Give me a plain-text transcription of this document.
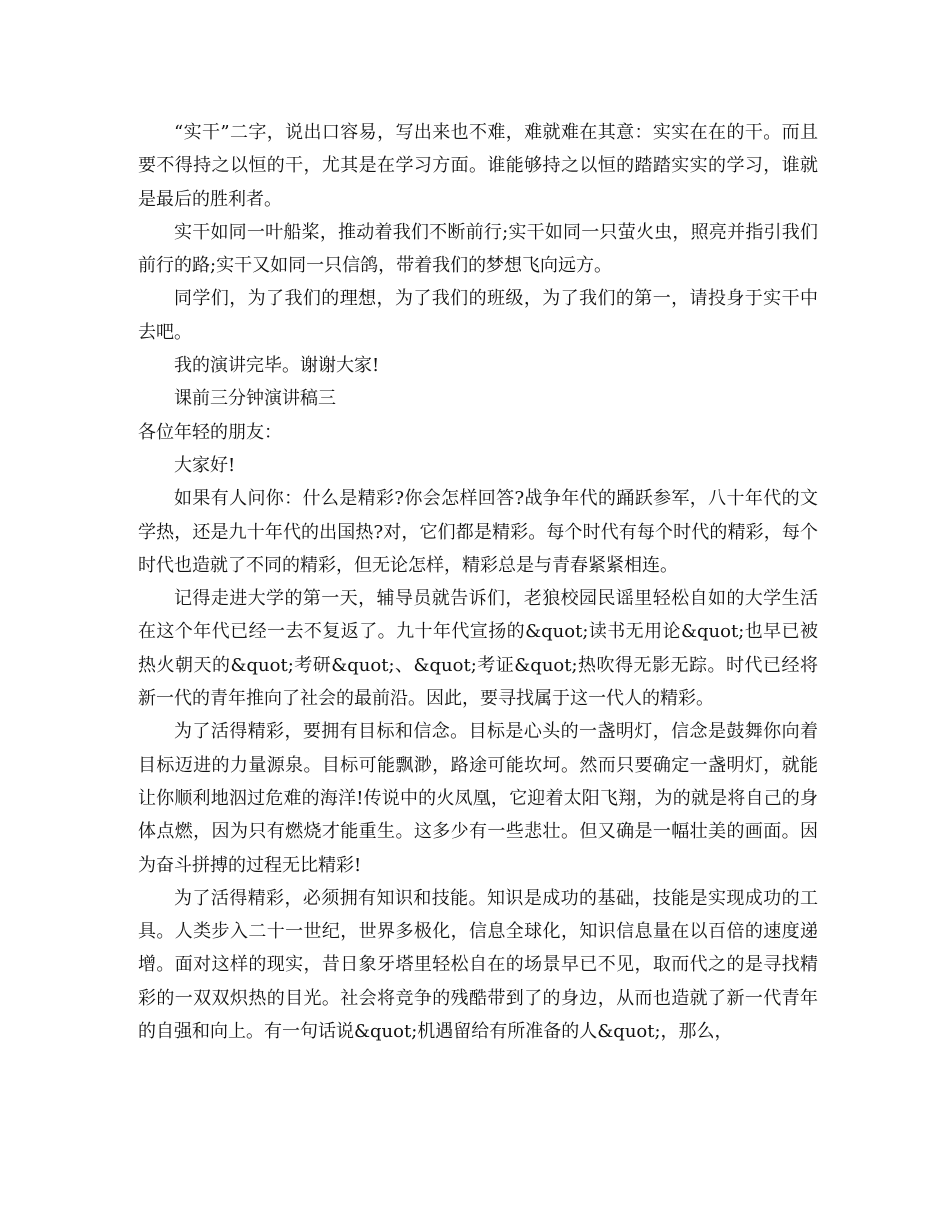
“实干”二字，说出口容易，写出来也不难，难就难在其意：实实在在的干。而且要不得持之以恒的干，尤其是在学习方面。谁能够持之以恒的踏踏实实的学习，谁就是最后的胜利者。

实干如同一叶船桨，推动着我们不断前行;实干如同一只萤火虫，照亮并指引我们前行的路;实干又如同一只信鸽，带着我们的梦想飞向远方。

同学们，为了我们的理想，为了我们的班级，为了我们的第一，请投身于实干中去吧。

我的演讲完毕。谢谢大家!

课前三分钟演讲稿三

各位年轻的朋友：

大家好!

如果有人问你：什么是精彩?你会怎样回答?战争年代的踊跃参军，八十年代的文学热，还是九十年代的出国热?对，它们都是精彩。每个时代有每个时代的精彩，每个时代也造就了不同的精彩，但无论怎样，精彩总是与青春紧紧相连。

记得走进大学的第一天，辅导员就告诉们，老狼校园民谣里轻松自如的大学生活在这个年代已经一去不复返了。九十年代宣扬的&quot;读书无用论&quot;也早已被热火朝天的&quot;考研&quot;、&quot;考证&quot;热吹得无影无踪。时代已经将新一代的青年推向了社会的最前沿。因此，要寻找属于这一代人的精彩。

为了活得精彩，要拥有目标和信念。目标是心头的一盏明灯，信念是鼓舞你向着目标迈进的力量源泉。目标可能飘渺，路途可能坎坷。然而只要确定一盏明灯，就能让你顺利地泅过危难的海洋!传说中的火凤凰，它迎着太阳飞翔，为的就是将自己的身体点燃，因为只有燃烧才能重生。这多少有一些悲壮。但又确是一幅壮美的画面。因为奋斗拼搏的过程无比精彩!

为了活得精彩，必须拥有知识和技能。知识是成功的基础，技能是实现成功的工具。人类步入二十一世纪，世界多极化，信息全球化，知识信息量在以百倍的速度递增。面对这样的现实，昔日象牙塔里轻松自在的场景早已不见，取而代之的是寻找精彩的一双双炽热的目光。社会将竞争的残酷带到了的身边，从而也造就了新一代青年的自强和向上。有一句话说&quot;机遇留给有所准备的人&quot;，那么，
